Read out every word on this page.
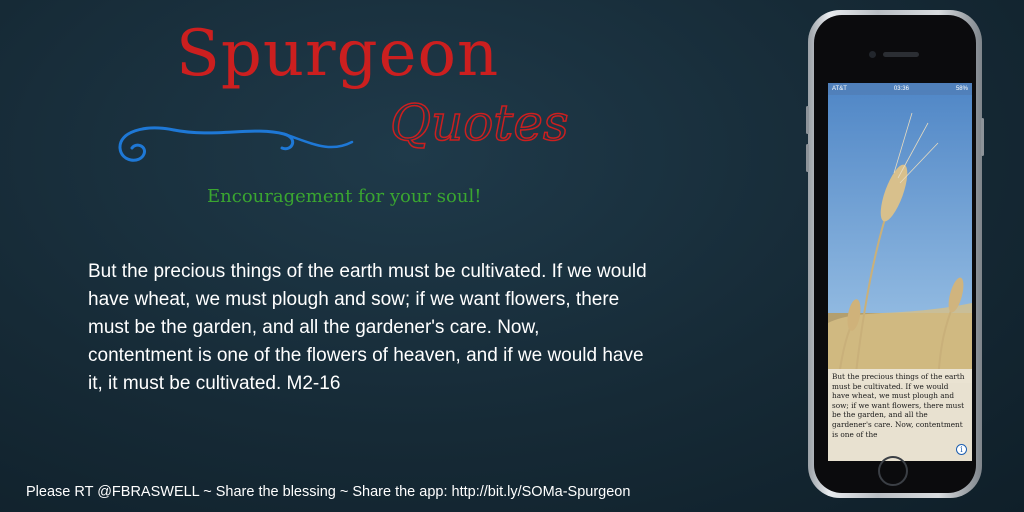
Spurgeon
Quotes
Encouragement for your soul!
But the precious things of the earth must be cultivated. If we would have wheat, we must plough and sow; if we want flowers, there must be the garden, and all the gardener's care. Now, contentment is one of the flowers of heaven, and if we would have it, it must be cultivated. M2-16
Please RT @FBRASWELL ~ Share the blessing ~ Share the app: http://bit.ly/SOMa-Spurgeon
AT&T	03:36	58%
But the precious things of the earth must be cultivated. If we would have wheat, we must plough and sow; if we want flowers, there must be the garden, and all the gardener's care. Now, contentment is one of the
i
